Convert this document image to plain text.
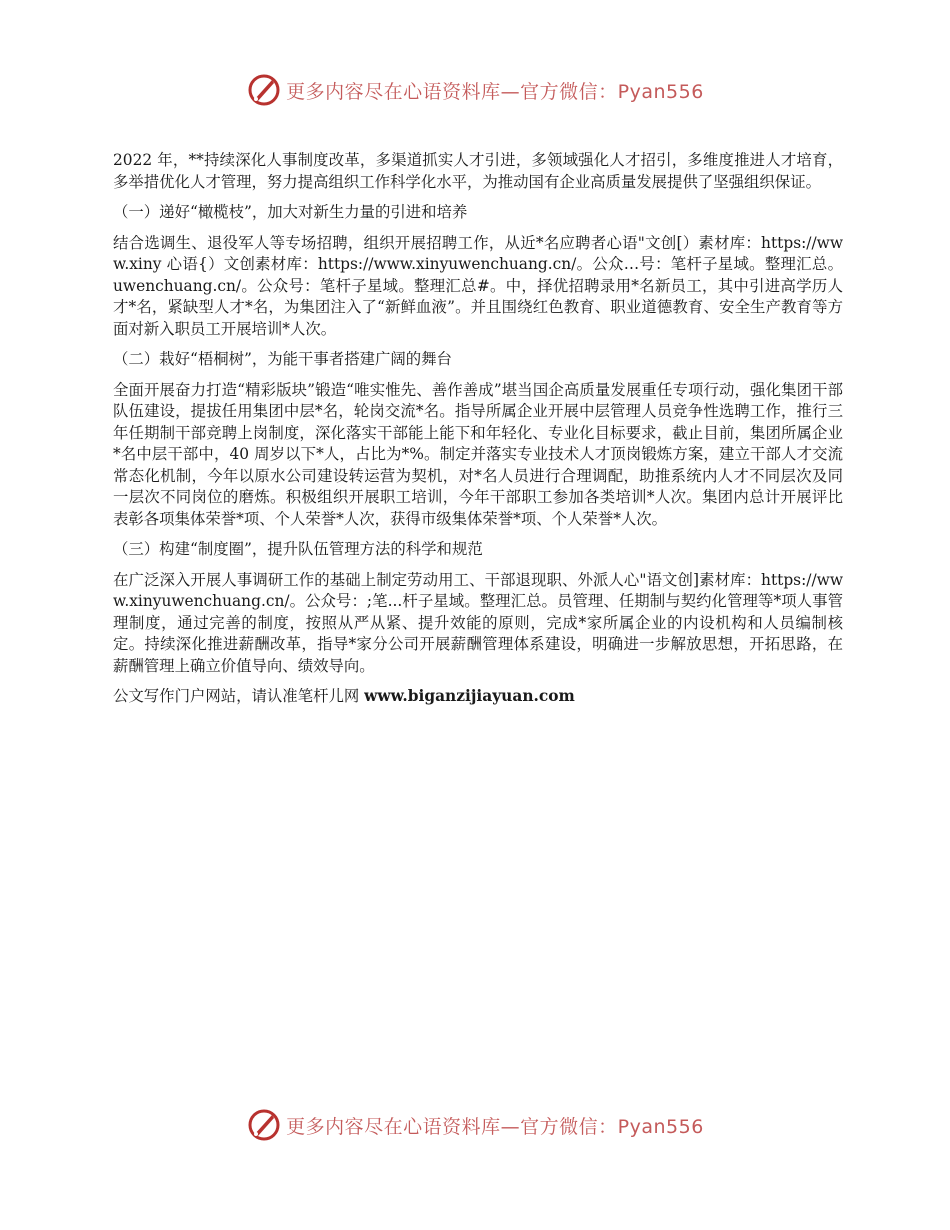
更多内容尽在心语资料库—官方微信：Pyan556

2022 年，**持续深化人事制度改革，多渠道抓实人才引进，多领域强化人才招引，多维度推进人才培育，多举措优化人才管理，努力提高组织工作科学化水平，为推动国有企业高质量发展提供了坚强组织保证。

（一）递好“橄榄枝”，加大对新生力量的引进和培养

结合选调生、退役军人等专场招聘，组织开展招聘工作，从近*名应聘者心语"文创[）素材库：https://www.xiny 心语{）文创素材库：https://www.xinyuwenchuang.cn/。公众…号：笔杆子星域。整理汇总。uwenchuang.cn/。公众号：笔杆子星域。整理汇总#。中，择优招聘录用*名新员工，其中引进高学历人才*名，紧缺型人才*名，为集团注入了“新鲜血液”。并且围绕红色教育、职业道德教育、安全生产教育等方面对新入职员工开展培训*人次。

（二）栽好“梧桐树”，为能干事者搭建广阔的舞台

全面开展奋力打造“精彩版块”锻造“唯实惟先、善作善成”堪当国企高质量发展重任专项行动，强化集团干部队伍建设，提拔任用集团中层*名，轮岗交流*名。指导所属企业开展中层管理人员竞争性选聘工作，推行三年任期制干部竞聘上岗制度，深化落实干部能上能下和年轻化、专业化目标要求，截止目前，集团所属企业*名中层干部中，40 周岁以下*人，占比为*%。制定并落实专业技术人才顶岗锻炼方案，建立干部人才交流常态化机制，今年以原水公司建设转运营为契机，对*名人员进行合理调配，助推系统内人才不同层次及同一层次不同岗位的磨炼。积极组织开展职工培训，今年干部职工参加各类培训*人次。集团内总计开展评比表彰各项集体荣誉*项、个人荣誉*人次，获得市级集体荣誉*项、个人荣誉*人次。

（三）构建“制度圈”，提升队伍管理方法的科学和规范

在广泛深入开展人事调研工作的基础上制定劳动用工、干部退现职、外派人心"语文创]素材库：https://www.xinyuwenchuang.cn/。公众号：;笔...杆子星域。整理汇总。员管理、任期制与契约化管理等*项人事管理制度，通过完善的制度，按照从严从紧、提升效能的原则，完成*家所属企业的内设机构和人员编制核定。持续深化推进薪酬改革，指导*家分公司开展薪酬管理体系建设，明确进一步解放思想，开拓思路，在薪酬管理上确立价值导向、绩效导向。

公文写作门户网站，请认准笔杆儿网 www.biganzijiayuan.com

更多内容尽在心语资料库—官方微信：Pyan556
